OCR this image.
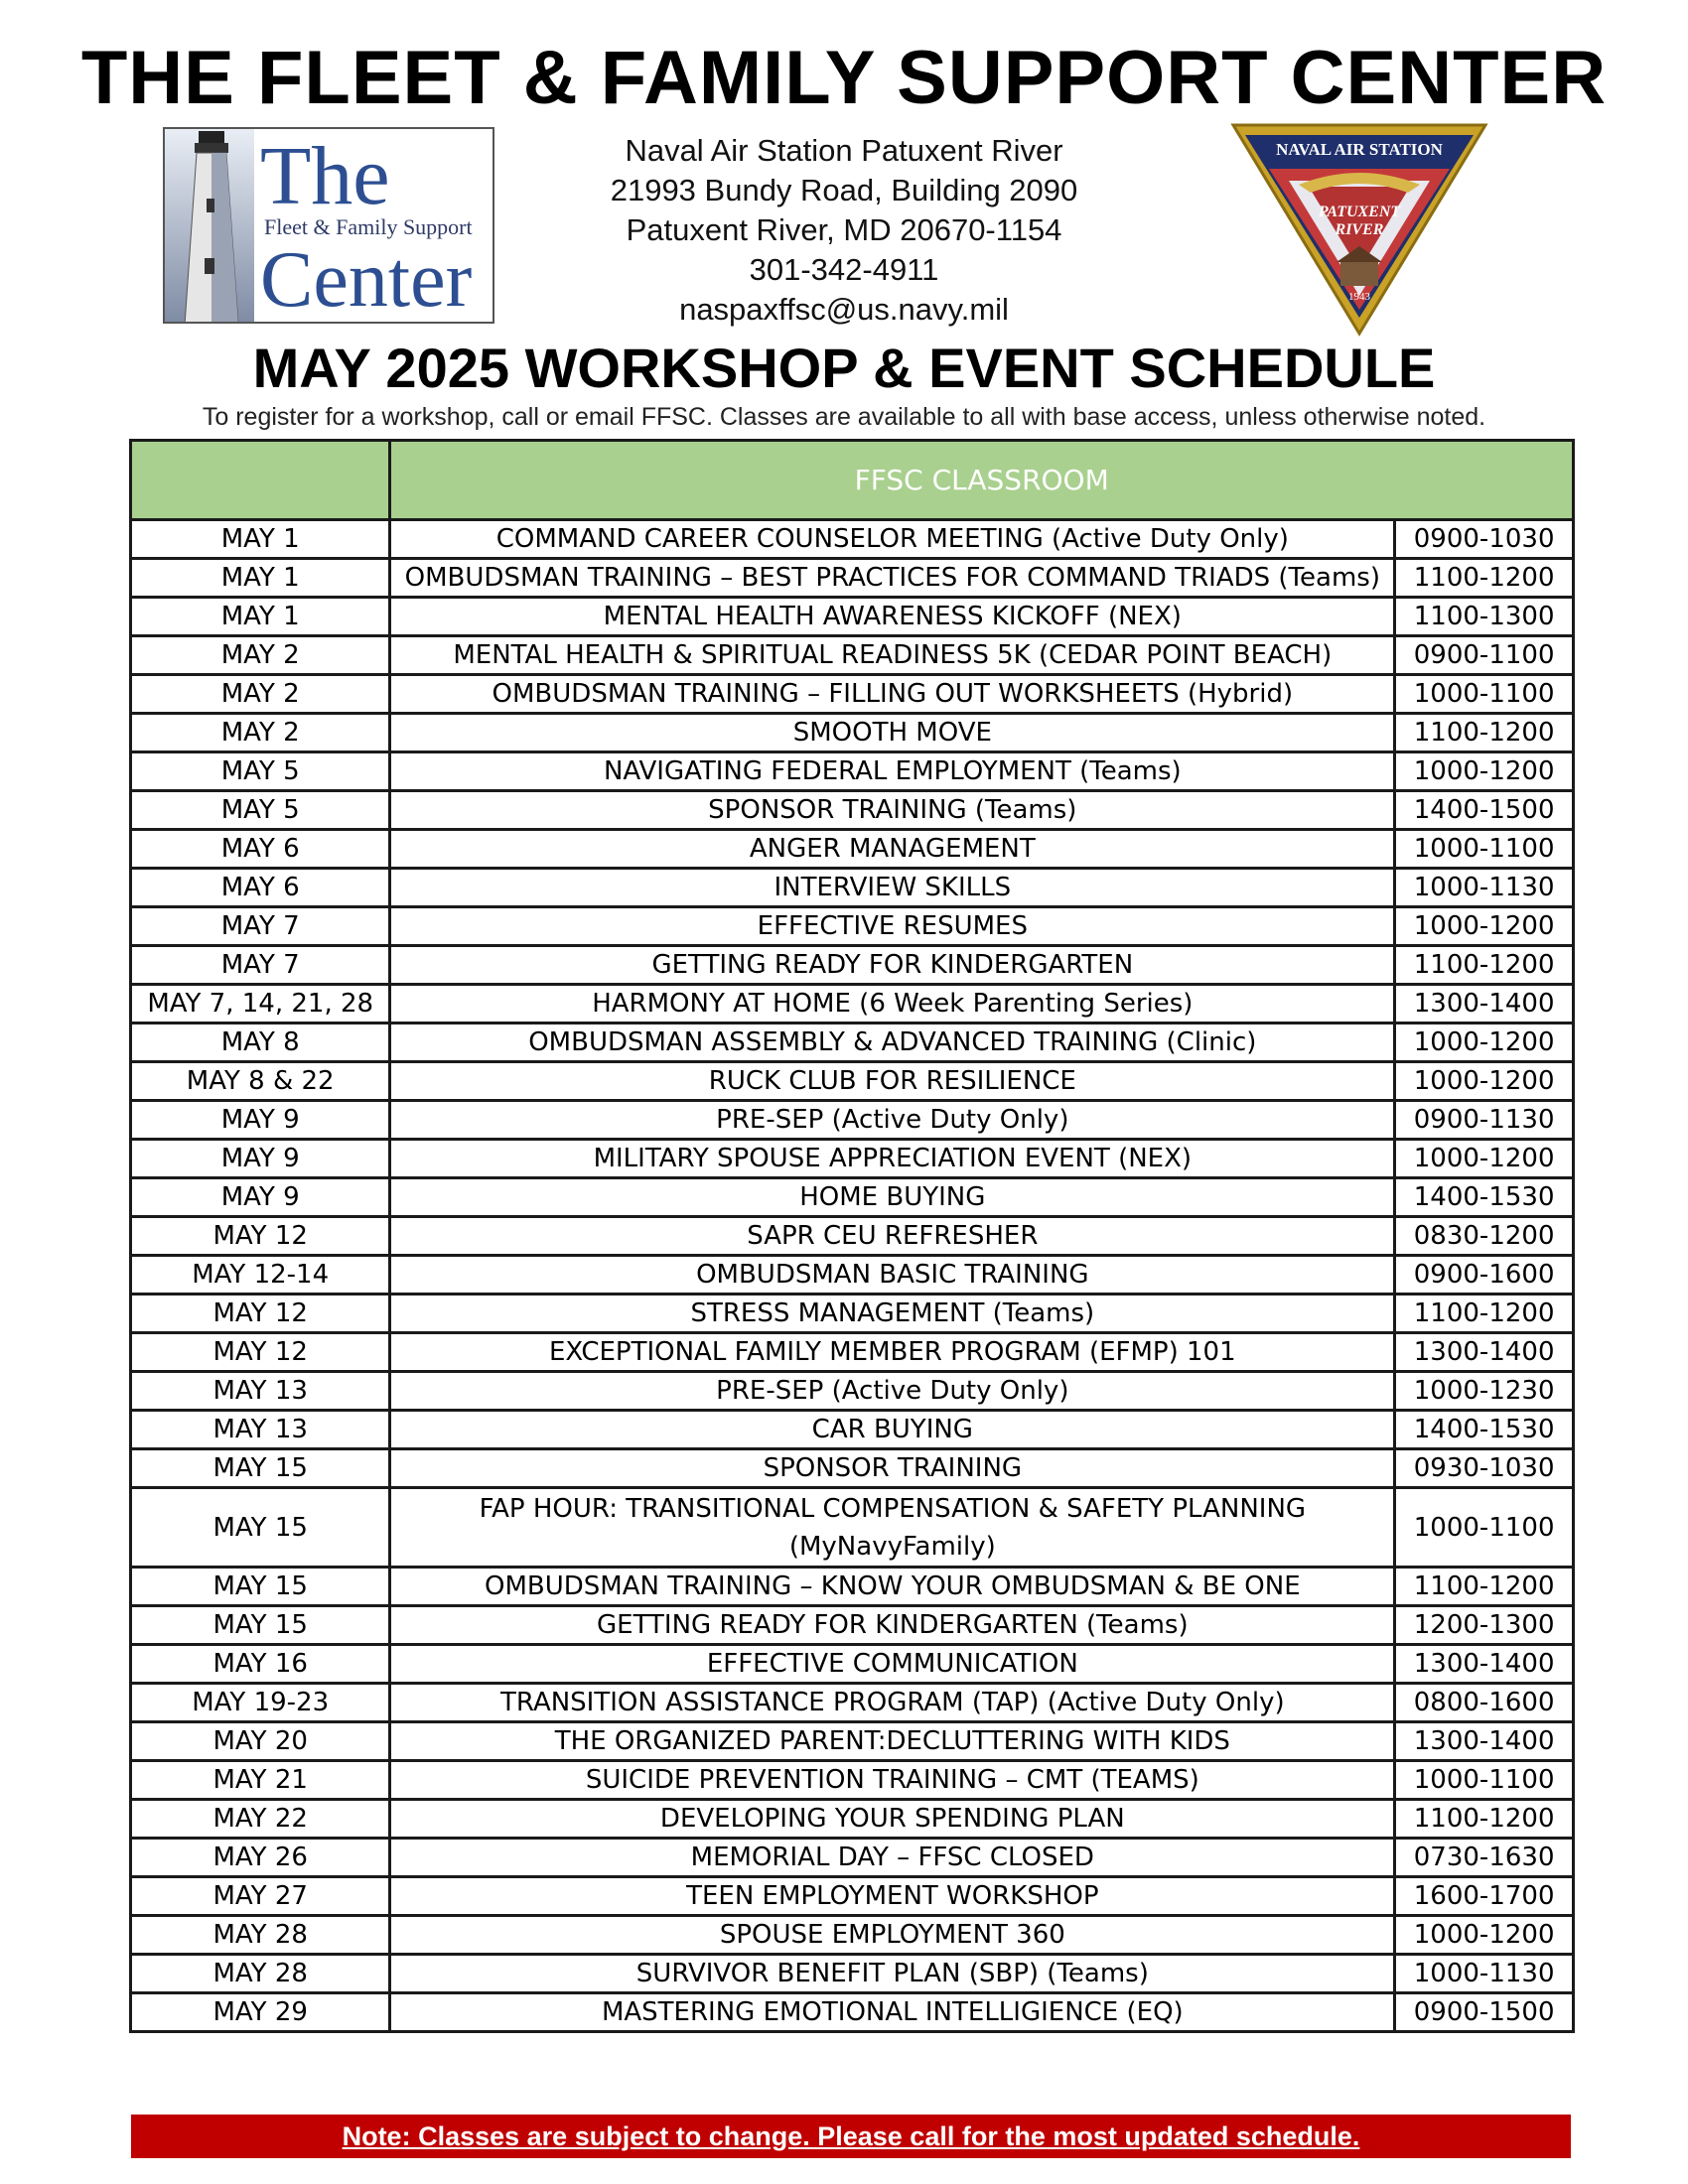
THE FLEET & FAMILY SUPPORT CENTER
The
Fleet & Family Support
Center
Naval Air Station Patuxent River
21993 Bundy Road, Building 2090
Patuxent River, MD 20670-1154
301-342-4911
naspaxffsc@us.navy.mil
NAVAL AIR STATION
PATUXENT
RIVER
1943
MAY 2025 WORKSHOP & EVENT SCHEDULE
To register for a workshop, call or email FFSC. Classes are available to all with base access, unless otherwise noted.
	FFSC CLASSROOM	
MAY 1	COMMAND CAREER COUNSELOR MEETING (Active Duty Only)	0900-1030
MAY 1	OMBUDSMAN TRAINING – BEST PRACTICES FOR COMMAND TRIADS (Teams)	1100-1200
MAY 1	MENTAL HEALTH AWARENESS KICKOFF (NEX)	1100-1300
MAY 2	MENTAL HEALTH & SPIRITUAL READINESS 5K (CEDAR POINT BEACH)	0900-1100
MAY 2	OMBUDSMAN TRAINING – FILLING OUT WORKSHEETS (Hybrid)	1000-1100
MAY 2	SMOOTH MOVE	1100-1200
MAY 5	NAVIGATING FEDERAL EMPLOYMENT (Teams)	1000-1200
MAY 5	SPONSOR TRAINING (Teams)	1400-1500
MAY 6	ANGER MANAGEMENT	1000-1100
MAY 6	INTERVIEW SKILLS	1000-1130
MAY 7	EFFECTIVE RESUMES	1000-1200
MAY 7	GETTING READY FOR KINDERGARTEN	1100-1200
MAY 7, 14, 21, 28	HARMONY AT HOME (6 Week Parenting Series)	1300-1400
MAY 8	OMBUDSMAN ASSEMBLY & ADVANCED TRAINING (Clinic)	1000-1200
MAY 8 & 22	RUCK CLUB FOR RESILIENCE	1000-1200
MAY 9	PRE-SEP (Active Duty Only)	0900-1130
MAY 9	MILITARY SPOUSE APPRECIATION EVENT (NEX)	1000-1200
MAY 9	HOME BUYING	1400-1530
MAY 12	SAPR CEU REFRESHER	0830-1200
MAY 12-14	OMBUDSMAN BASIC TRAINING	0900-1600
MAY 12	STRESS MANAGEMENT (Teams)	1100-1200
MAY 12	EXCEPTIONAL FAMILY MEMBER PROGRAM (EFMP) 101	1300-1400
MAY 13	PRE-SEP (Active Duty Only)	1000-1230
MAY 13	CAR BUYING	1400-1530
MAY 15	SPONSOR TRAINING	0930-1030
MAY 15	FAP HOUR: TRANSITIONAL COMPENSATION & SAFETY PLANNING (MyNavyFamily)	1000-1100
MAY 15	OMBUDSMAN TRAINING – KNOW YOUR OMBUDSMAN & BE ONE	1100-1200
MAY 15	GETTING READY FOR KINDERGARTEN (Teams)	1200-1300
MAY 16	EFFECTIVE COMMUNICATION	1300-1400
MAY 19-23	TRANSITION ASSISTANCE PROGRAM (TAP) (Active Duty Only)	0800-1600
MAY 20	THE ORGANIZED PARENT:DECLUTTERING WITH KIDS	1300-1400
MAY 21	SUICIDE PREVENTION TRAINING – CMT (TEAMS)	1000-1100
MAY 22	DEVELOPING YOUR SPENDING PLAN	1100-1200
MAY 26	MEMORIAL DAY – FFSC CLOSED	0730-1630
MAY 27	TEEN EMPLOYMENT WORKSHOP	1600-1700
MAY 28	SPOUSE EMPLOYMENT 360	1000-1200
MAY 28	SURVIVOR BENEFIT PLAN (SBP) (Teams)	1000-1130
MAY 29	MASTERING EMOTIONAL INTELLIGIENCE (EQ)	0900-1500
Note: Classes are subject to change. Please call for the most updated schedule.
